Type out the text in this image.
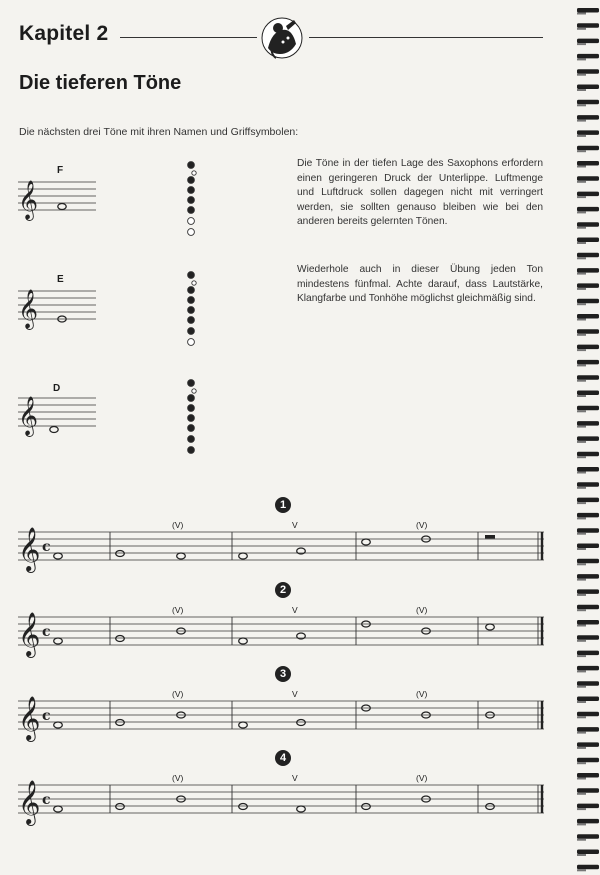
Kapitel 2
Die tieferen Töne
Die nächsten drei Töne mit ihren Namen und Griffsymbolen:
F
𝄞
E
𝄞
D
𝄞
Die Töne in der tiefen Lage des Saxophons erfordern einen geringeren Druck der Unterlippe. Luftmenge und Luftdruck sollen dagegen nicht mit verringert werden, sie sollten genauso bleiben wie bei den anderen bereits gelernten Tönen.
Wiederhole auch in dieser Übung jeden Ton mindestens fünfmal. Achte darauf, dass Lautstärke, Klangfarbe und Tonhöhe möglichst gleichmäßig sind.
1
𝄞 c
(V)	V	(V)
2
𝄞 c
(V)	V	(V)
3
𝄞 c
(V)	V	(V)
4
𝄞 c
(V)	V	(V)
